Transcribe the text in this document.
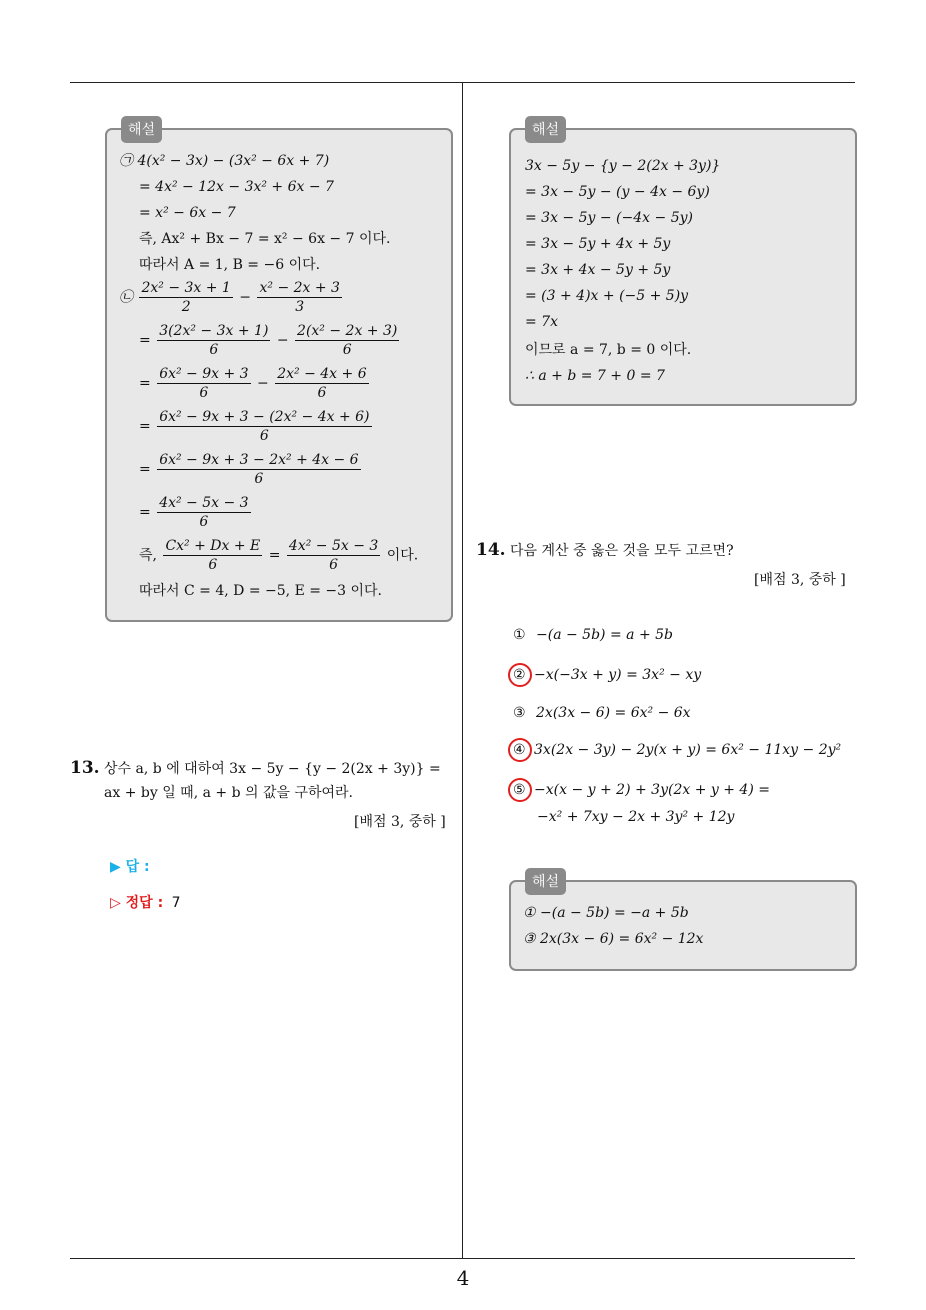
4
해설
㉠ 4(x² − 3x) − (3x² − 6x + 7)
= 4x² − 12x − 3x² + 6x − 7
= x² − 6x − 7
즉, Ax² + Bx − 7 = x² − 6x − 7 이다.
따라서 A = 1, B = −6 이다.
㉡ $\frac{\text{2x² − 3x + 1}}{2} - \frac{\text{x² − 2x + 3}}{3}$
= $\frac{\text{3(2x² − 3x + 1)}}{6} - \frac{\text{2(x² − 2x + 3)}}{6}$
= $\frac{\text{6x² − 9x + 3}}{6} - \frac{\text{2x² − 4x + 6}}{6}$
= $\frac{\text{6x² − 9x + 3 − (2x² − 4x + 6)}}{6}$
= $\frac{\text{6x² − 9x + 3 − 2x² + 4x − 6}}{6}$
= $\frac{\text{4x² − 5x − 3}}{6}$
즉, $\frac{\text{Cx² + Dx + E}}{6} = \frac{\text{4x² − 5x − 3}}{6}$ 이다.
따라서 C = 4, D = −5, E = −3 이다.
13. 상수 a, b 에 대하여 3x − 5y − {y − 2(2x + 3y)} =
ax + by 일 때, a + b 의 값을 구하여라.
[배점 3, 중하 ]
▶ 답 :
▷ 정답 : 7
해설
3x − 5y − {y − 2(2x + 3y)}
= 3x − 5y − (y − 4x − 6y)
= 3x − 5y − (−4x − 5y)
= 3x − 5y + 4x + 5y
= 3x + 4x − 5y + 5y
= (3 + 4)x + (−5 + 5)y
= 7x
이므로 a = 7, b = 0 이다.
∴ a + b = 7 + 0 = 7
14. 다음 계산 중 옳은 것을 모두 고르면?
[배점 3, 중하 ]
① −(a − 5b) = a + 5b
② −x(−3x + y) = 3x² − xy
③ 2x(3x − 6) = 6x² − 6x
④ 3x(2x − 3y) − 2y(x + y) = 6x² − 11xy − 2y²
⑤ −x(x − y + 2) + 3y(2x + y + 4) =
−x² + 7xy − 2x + 3y² + 12y
해설
① −(a − 5b) = −a + 5b
③ 2x(3x − 6) = 6x² − 12x
